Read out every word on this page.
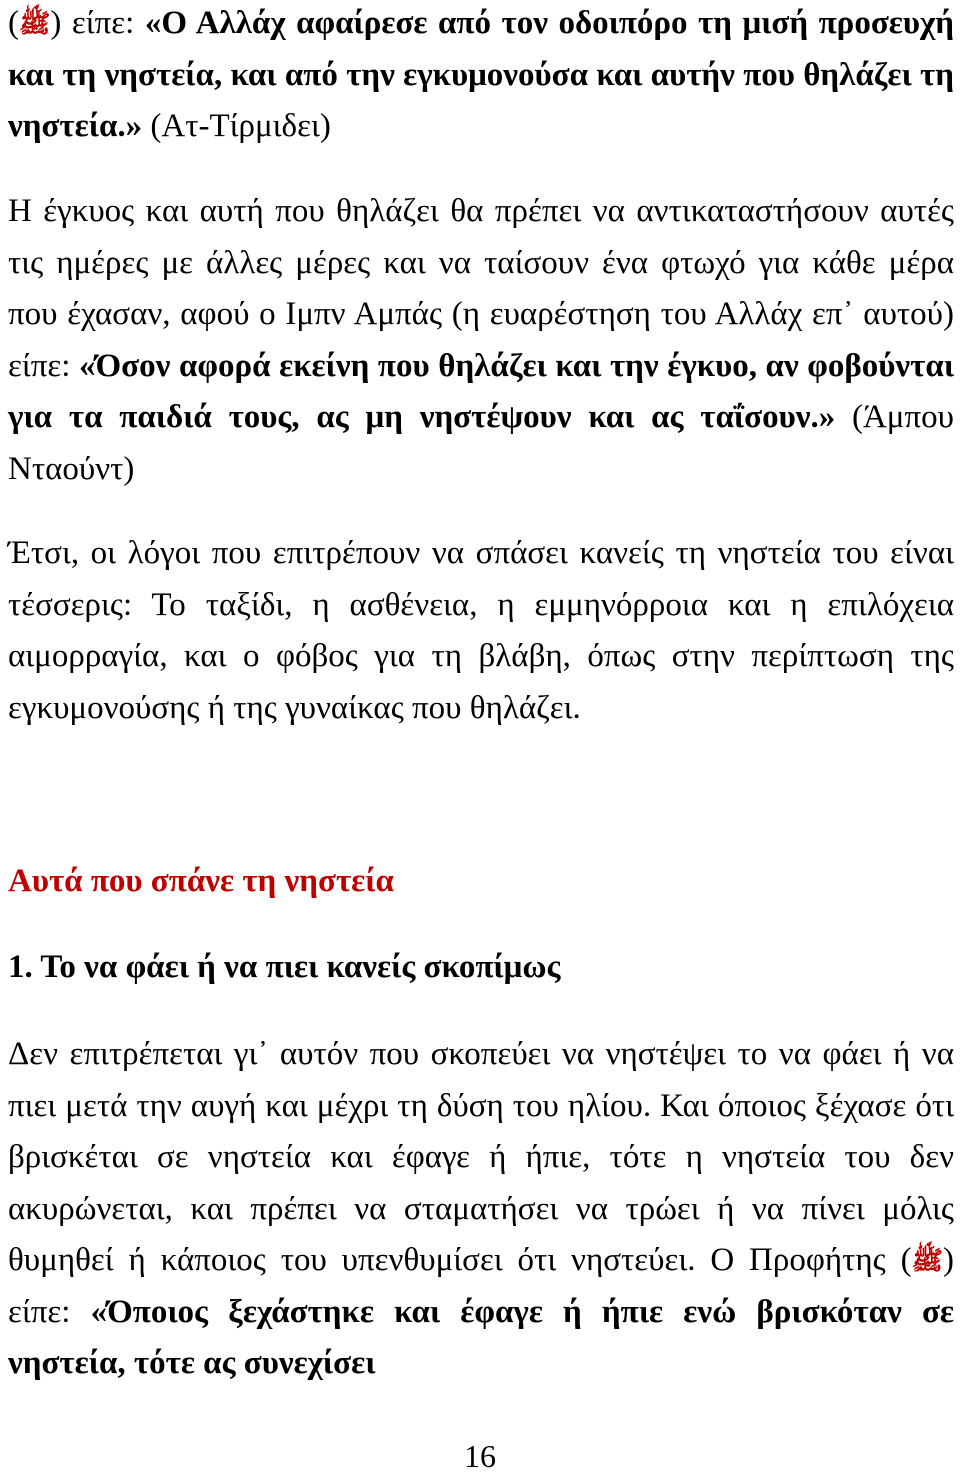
(ﷺ) είπε: «Ο Αλλάχ αφαίρεσε από τον οδοιπόρο τη μισή προσευχή και τη νηστεία, και από την εγκυμονούσα και αυτήν που θηλάζει τη νηστεία.» (Ατ-Τίρμιδει)

Η έγκυος και αυτή που θηλάζει θα πρέπει να αντικαταστήσουν αυτές τις ημέρες με άλλες μέρες και να ταίσουν ένα φτωχό για κάθε μέρα που έχασαν, αφού ο Ιμπν Αμπάς (η ευαρέστηση του Αλλάχ επ᾽ αυτού) είπε: «Όσον αφορά εκείνη που θηλάζει και την έγκυο, αν φοβούνται για τα παιδιά τους, ας μη νηστέψουν και ας ταΐσουν.» (Άμπου Νταούντ)

Έτσι, οι λόγοι που επιτρέπουν να σπάσει κανείς τη νηστεία του είναι τέσσερις: Το ταξίδι, η ασθένεια, η εμμηνόρροια και η επιλόχεια αιμορραγία, και ο φόβος για τη βλάβη, όπως στην περίπτωση της εγκυμονούσης ή της γυναίκας που θηλάζει.

Αυτά που σπάνε τη νηστεία
1. Το να φάει ή να πιει κανείς σκοπίμως

Δεν επιτρέπεται γι᾽ αυτόν που σκοπεύει να νηστέψει το να φάει ή να πιει μετά την αυγή και μέχρι τη δύση του ηλίου. Και όποιος ξέχασε ότι βρισκέται σε νηστεία και έφαγε ή ήπιε, τότε η νηστεία του δεν ακυρώνεται, και πρέπει να σταματήσει να τρώει ή να πίνει μόλις θυμηθεί ή κάποιος του υπενθυμίσει ότι νηστεύει. Ο Προφήτης (ﷺ) είπε: «Όποιος ξεχάστηκε και έφαγε ή ήπιε ενώ βρισκόταν σε νηστεία, τότε ας συνεχίσει

16
